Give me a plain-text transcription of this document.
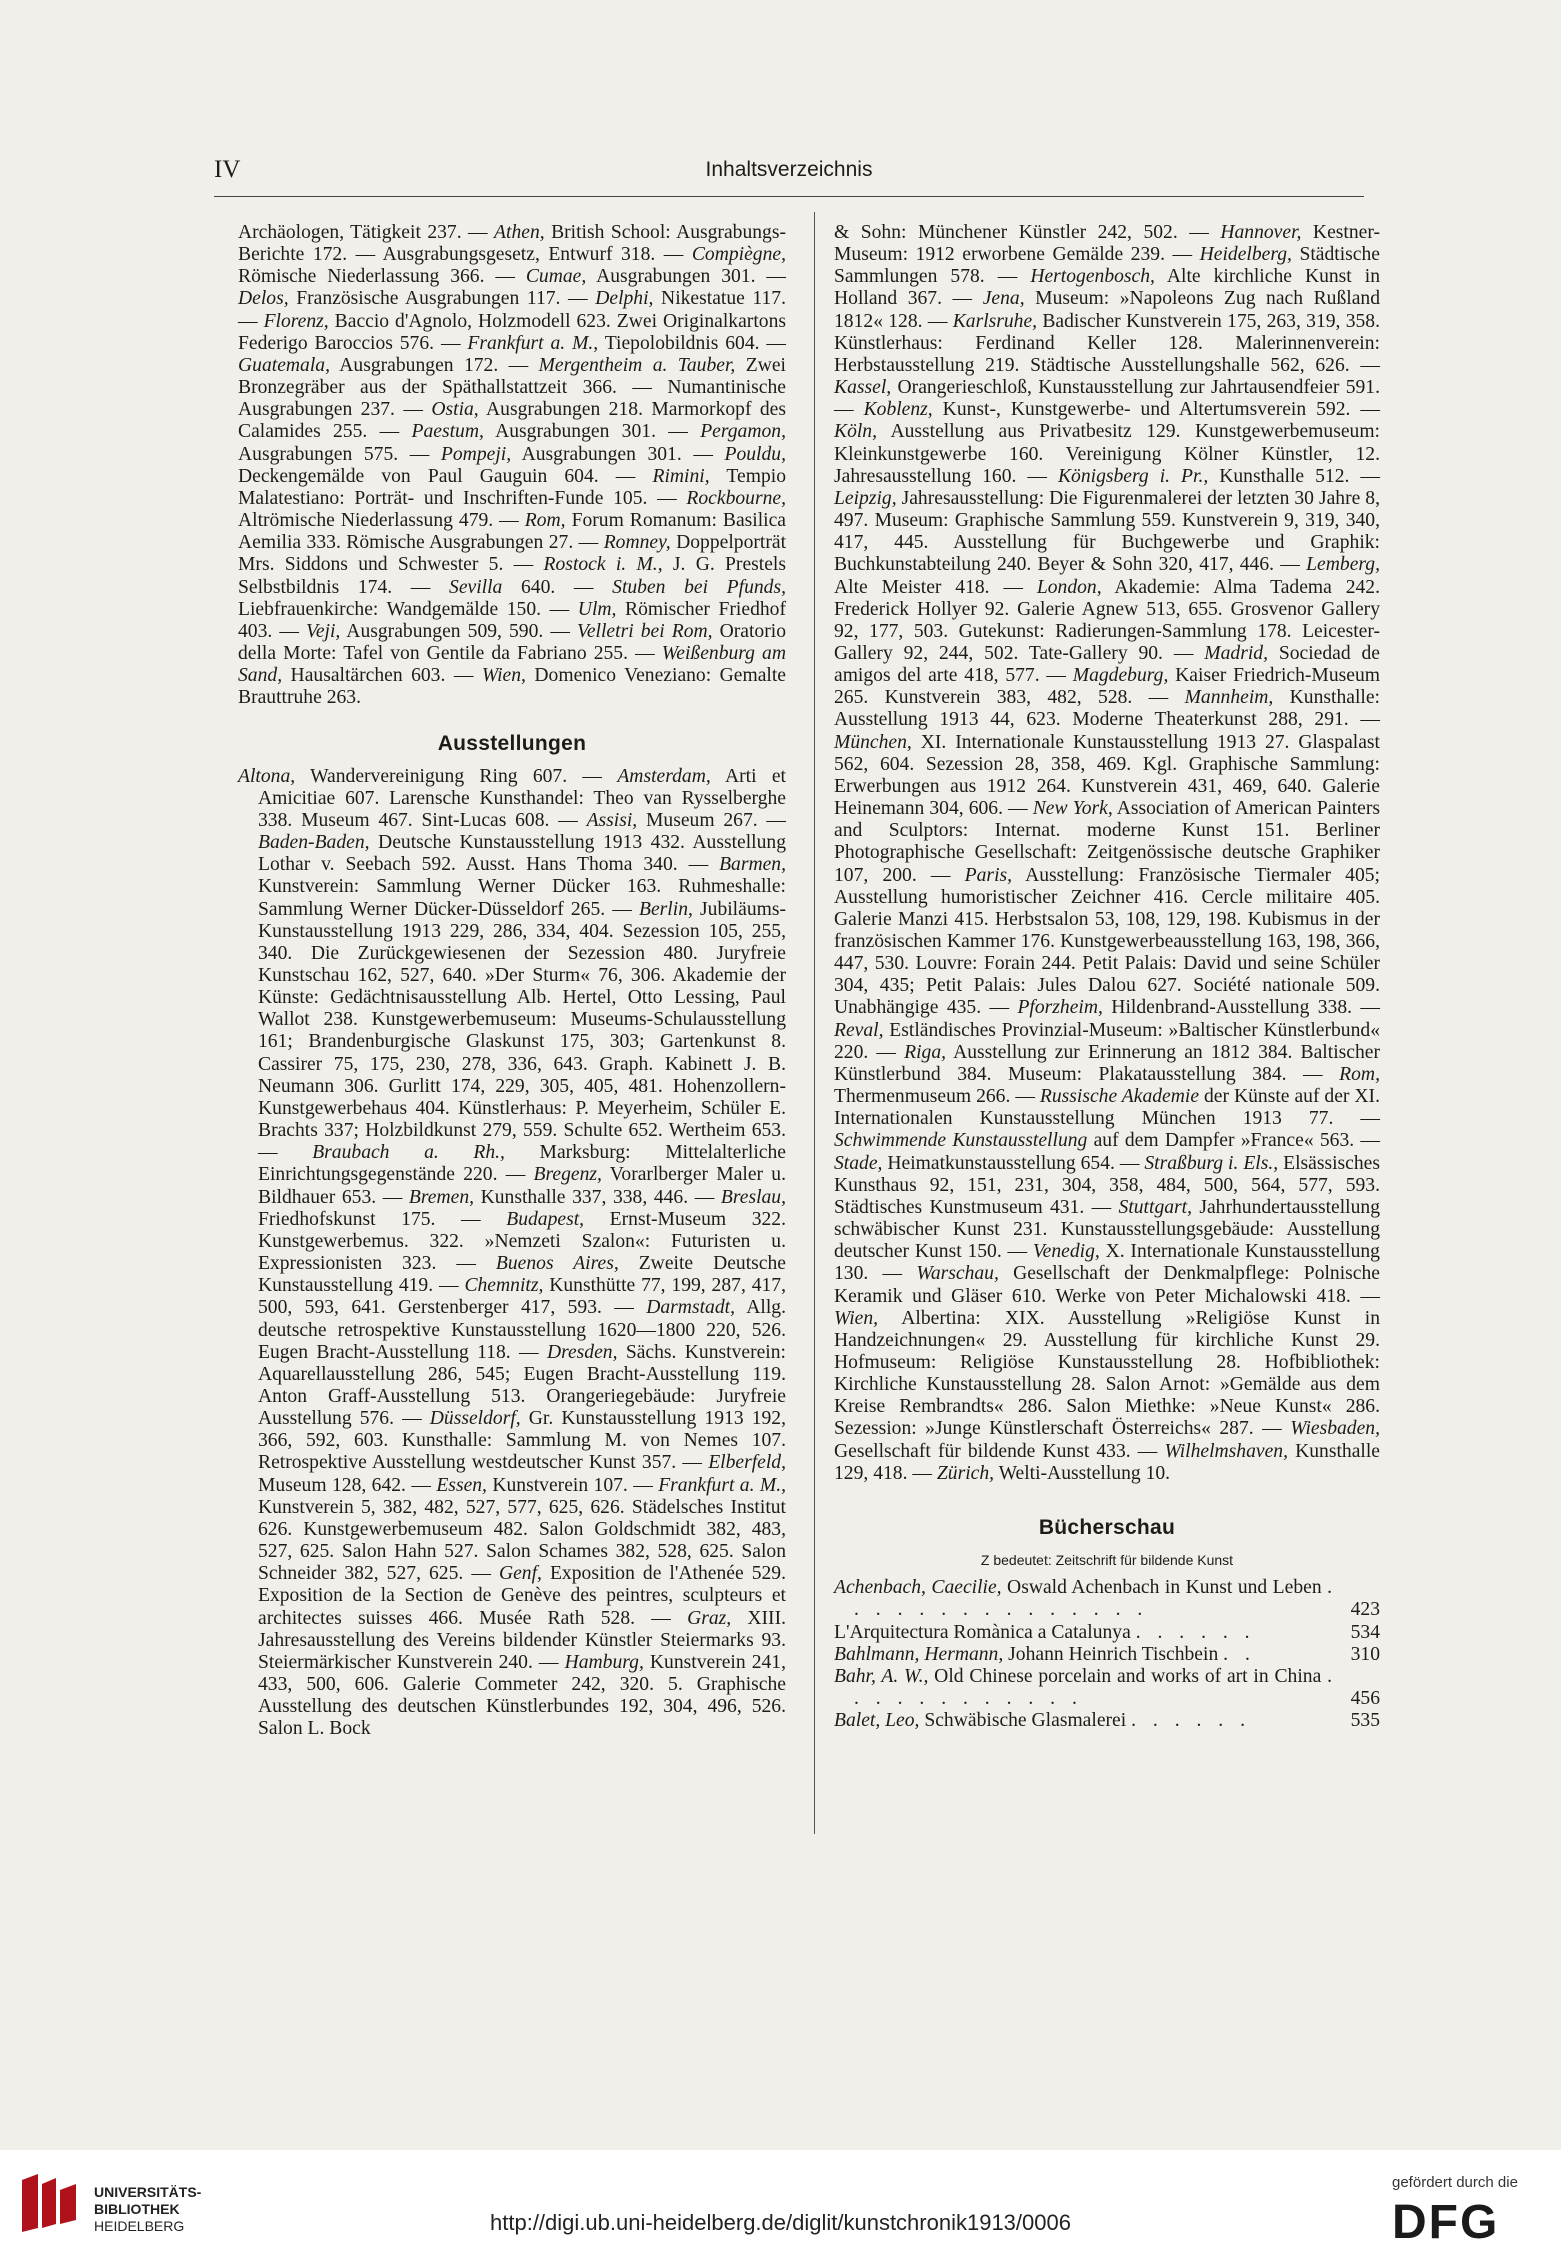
IV	Inhaltsverzeichnis

Archäologen, Tätigkeit 237. — Athen, British School: Ausgrabungs-Berichte 172. — Ausgrabungsgesetz, Entwurf 318. — Compiègne, Römische Niederlassung 366. — Cumae, Ausgrabungen 301. — Delos, Französische Ausgrabungen 117. — Delphi, Nikestatue 117. — Florenz, Baccio d'Agnolo, Holzmodell 623. Zwei Originalkartons Federigo Baroccios 576. — Frankfurt a. M., Tiepolobildnis 604. — Guatemala, Ausgrabungen 172. — Mergentheim a. Tauber, Zwei Bronzegräber aus der Späthallstattzeit 366. — Numantinische Ausgrabungen 237. — Ostia, Ausgrabungen 218. Marmorkopf des Calamides 255. — Paestum, Ausgrabungen 301. — Pergamon, Ausgrabungen 575. — Pompeji, Ausgrabungen 301. — Pouldu, Deckengemälde von Paul Gauguin 604. — Rimini, Tempio Malatestiano: Porträt- und Inschriften-Funde 105. — Rockbourne, Altrömische Niederlassung 479. — Rom, Forum Romanum: Basilica Aemilia 333. Römische Ausgrabungen 27. — Romney, Doppelporträt Mrs. Siddons und Schwester 5. — Rostock i. M., J. G. Prestels Selbstbildnis 174. — Sevilla 640. — Stuben bei Pfunds, Liebfrauenkirche: Wandgemälde 150. — Ulm, Römischer Friedhof 403. — Veji, Ausgrabungen 509, 590. — Velletri bei Rom, Oratorio della Morte: Tafel von Gentile da Fabriano 255. — Weißenburg am Sand, Hausaltärchen 603. — Wien, Domenico Veneziano: Gemalte Brauttruhe 263.

Ausstellungen

Altona, Wandervereinigung Ring 607. — Amsterdam, Arti et Amicitiae 607. Larensche Kunsthandel: Theo van Rysselberghe 338. Museum 467. Sint-Lucas 608. — Assisi, Museum 267. — Baden-Baden, Deutsche Kunstausstellung 1913 432. Ausstellung Lothar v. Seebach 592. Ausst. Hans Thoma 340. — Barmen, Kunstverein: Sammlung Werner Dücker 163. Ruhmeshalle: Sammlung Werner Dücker-Düsseldorf 265. — Berlin, Jubiläums-Kunstausstellung 1913 229, 286, 334, 404. Sezession 105, 255, 340. Die Zurückgewiesenen der Sezession 480. Juryfreie Kunstschau 162, 527, 640. »Der Sturm« 76, 306. Akademie der Künste: Gedächtnisausstellung Alb. Hertel, Otto Lessing, Paul Wallot 238. Kunstgewerbemuseum: Museums-Schulausstellung 161; Brandenburgische Glaskunst 175, 303; Gartenkunst 8. Cassirer 75, 175, 230, 278, 336, 643. Graph. Kabinett J. B. Neumann 306. Gurlitt 174, 229, 305, 405, 481. Hohenzollern-Kunstgewerbehaus 404. Künstlerhaus: P. Meyerheim, Schüler E. Brachts 337; Holzbildkunst 279, 559. Schulte 652. Wertheim 653. — Braubach a. Rh., Marksburg: Mittelalterliche Einrichtungsgegenstände 220. — Bregenz, Vorarlberger Maler u. Bildhauer 653. — Bremen, Kunsthalle 337, 338, 446. — Breslau, Friedhofskunst 175. — Budapest, Ernst-Museum 322. Kunstgewerbemus. 322. »Nemzeti Szalon«: Futuristen u. Expressionisten 323. — Buenos Aires, Zweite Deutsche Kunstausstellung 419. — Chemnitz, Kunsthütte 77, 199, 287, 417, 500, 593, 641. Gerstenberger 417, 593. — Darmstadt, Allg. deutsche retrospektive Kunstausstellung 1620—1800 220, 526. Eugen Bracht-Ausstellung 118. — Dresden, Sächs. Kunstverein: Aquarellausstellung 286, 545; Eugen Bracht-Ausstellung 119. Anton Graff-Ausstellung 513. Orangeriegebäude: Juryfreie Ausstellung 576. — Düsseldorf, Gr. Kunstausstellung 1913 192, 366, 592, 603. Kunsthalle: Sammlung M. von Nemes 107. Retrospektive Ausstellung westdeutscher Kunst 357. — Elberfeld, Museum 128, 642. — Essen, Kunstverein 107. — Frankfurt a. M., Kunstverein 5, 382, 482, 527, 577, 625, 626. Städelsches Institut 626. Kunstgewerbemuseum 482. Salon Goldschmidt 382, 483, 527, 625. Salon Hahn 527. Salon Schames 382, 528, 625. Salon Schneider 382, 527, 625. — Genf, Exposition de l'Athenée 529. Exposition de la Section de Genève des peintres, sculpteurs et architectes suisses 466. Musée Rath 528. — Graz, XIII. Jahresausstellung des Vereins bildender Künstler Steiermarks 93. Steiermärkischer Kunstverein 240. — Hamburg, Kunstverein 241, 433, 500, 606. Galerie Commeter 242, 320. 5. Graphische Ausstellung des deutschen Künstlerbundes 192, 304, 496, 526. Salon L. Bock

& Sohn: Münchener Künstler 242, 502. — Hannover, Kestner-Museum: 1912 erworbene Gemälde 239. — Heidelberg, Städtische Sammlungen 578. — Hertogenbosch, Alte kirchliche Kunst in Holland 367. — Jena, Museum: »Napoleons Zug nach Rußland 1812« 128. — Karlsruhe, Badischer Kunstverein 175, 263, 319, 358. Künstlerhaus: Ferdinand Keller 128. Malerinnenverein: Herbstausstellung 219. Städtische Ausstellungshalle 562, 626. — Kassel, Orangerieschloß, Kunstausstellung zur Jahrtausendfeier 591. — Koblenz, Kunst-, Kunstgewerbe- und Altertumsverein 592. — Köln, Ausstellung aus Privatbesitz 129. Kunstgewerbemuseum: Kleinkunstgewerbe 160. Vereinigung Kölner Künstler, 12. Jahresausstellung 160. — Königsberg i. Pr., Kunsthalle 512. — Leipzig, Jahresausstellung: Die Figurenmalerei der letzten 30 Jahre 8, 497. Museum: Graphische Sammlung 559. Kunstverein 9, 319, 340, 417, 445. Ausstellung für Buchgewerbe und Graphik: Buchkunstabteilung 240. Beyer & Sohn 320, 417, 446. — Lemberg, Alte Meister 418. — London, Akademie: Alma Tadema 242. Frederick Hollyer 92. Galerie Agnew 513, 655. Grosvenor Gallery 92, 177, 503. Gutekunst: Radierungen-Sammlung 178. Leicester-Gallery 92, 244, 502. Tate-Gallery 90. — Madrid, Sociedad de amigos del arte 418, 577. — Magdeburg, Kaiser Friedrich-Museum 265. Kunstverein 383, 482, 528. — Mannheim, Kunsthalle: Ausstellung 1913 44, 623. Moderne Theaterkunst 288, 291. — München, XI. Internationale Kunstausstellung 1913 27. Glaspalast 562, 604. Sezession 28, 358, 469. Kgl. Graphische Sammlung: Erwerbungen aus 1912 264. Kunstverein 431, 469, 640. Galerie Heinemann 304, 606. — New York, Association of American Painters and Sculptors: Internat. moderne Kunst 151. Berliner Photographische Gesellschaft: Zeitgenössische deutsche Graphiker 107, 200. — Paris, Ausstellung: Französische Tiermaler 405; Ausstellung humoristischer Zeichner 416. Cercle militaire 405. Galerie Manzi 415. Herbstsalon 53, 108, 129, 198. Kubismus in der französischen Kammer 176. Kunstgewerbeausstellung 163, 198, 366, 447, 530. Louvre: Forain 244. Petit Palais: David und seine Schüler 304, 435; Petit Palais: Jules Dalou 627. Société nationale 509. Unabhängige 435. — Pforzheim, Hildenbrand-Ausstellung 338. — Reval, Estländisches Provinzial-Museum: »Baltischer Künstlerbund« 220. — Riga, Ausstellung zur Erinnerung an 1812 384. Baltischer Künstlerbund 384. Museum: Plakatausstellung 384. — Rom, Thermenmuseum 266. — Russische Akademie der Künste auf der XI. Internationalen Kunstausstellung München 1913 77. — Schwimmende Kunstausstellung auf dem Dampfer »France« 563. — Stade, Heimatkunstausstellung 654. — Straßburg i. Els., Elsässisches Kunsthaus 92, 151, 231, 304, 358, 484, 500, 564, 577, 593. Städtisches Kunstmuseum 431. — Stuttgart, Jahrhundertausstellung schwäbischer Kunst 231. Kunstausstellungsgebäude: Ausstellung deutscher Kunst 150. — Venedig, X. Internationale Kunstausstellung 130. — Warschau, Gesellschaft der Denkmalpflege: Polnische Keramik und Gläser 610. Werke von Peter Michalowski 418. — Wien, Albertina: XIX. Ausstellung »Religiöse Kunst in Handzeichnungen« 29. Ausstellung für kirchliche Kunst 29. Hofmuseum: Religiöse Kunstausstellung 28. Hofbibliothek: Kirchliche Kunstausstellung 28. Salon Arnot: »Gemälde aus dem Kreise Rembrandts« 286. Salon Miethke: »Neue Kunst« 286. Sezession: »Junge Künstlerschaft Österreichs« 287. — Wiesbaden, Gesellschaft für bildende Kunst 433. — Wilhelmshaven, Kunsthalle 129, 418. — Zürich, Welti-Ausstellung 10.

Bücherschau
Z bedeutet: Zeitschrift für bildende Kunst
Achenbach, Caecilie, Oswald Achenbach in Kunst und Leben . . . . . . . . . . . . . . .	423
L'Arquitectura Romànica a Catalunya . . . . . .	534
Bahlmann, Hermann, Johann Heinrich Tischbein . .	310
Bahr, A. W., Old Chinese porcelain and works of art in China . . . . . . . . . . . .	456
Balet, Leo, Schwäbische Glasmalerei . . . . . .	535
UNIVERSITÄTS-
BIBLIOTHEK
HEIDELBERG	http://digi.ub.uni-heidelberg.de/diglit/kunstchronik1913/0006
gefördert durch die
DFG
